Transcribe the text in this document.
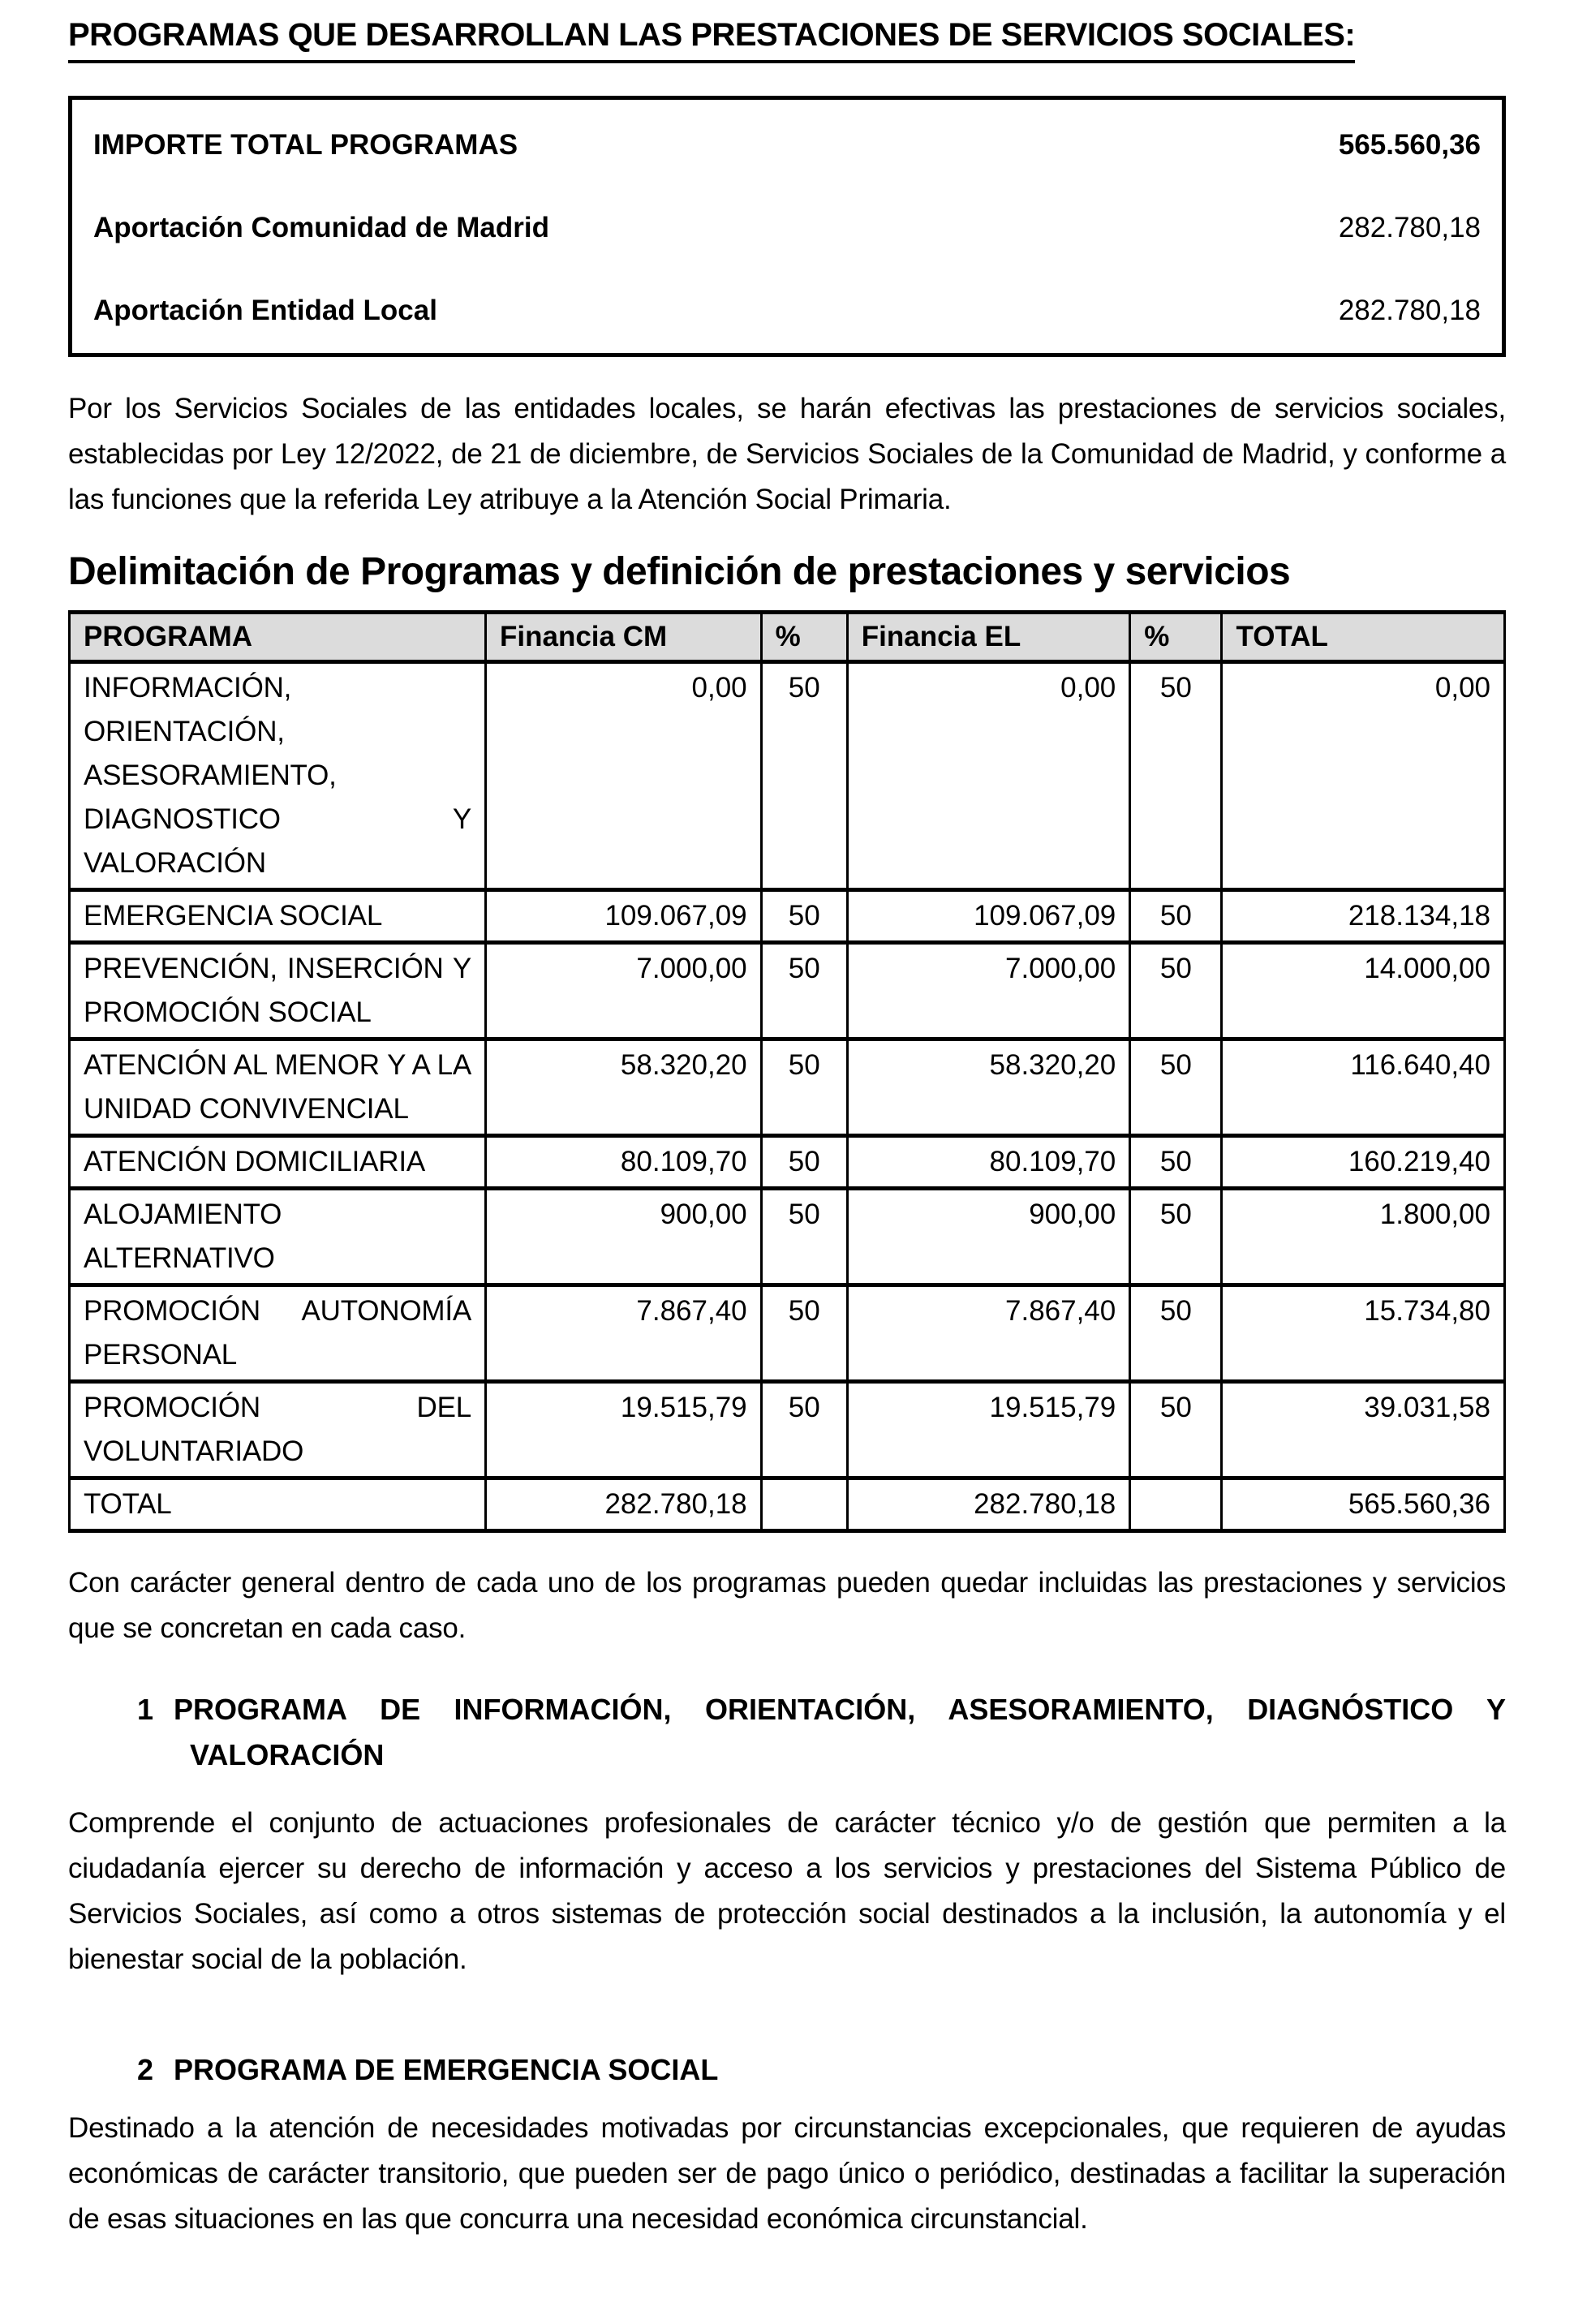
PROGRAMAS QUE DESARROLLAN LAS PRESTACIONES DE SERVICIOS SOCIALES:
IMPORTE TOTAL PROGRAMAS	565.560,36
Aportación Comunidad de Madrid	282.780,18
Aportación Entidad Local	282.780,18

Por los Servicios Sociales de las entidades locales, se harán efectivas las prestaciones de servicios sociales, establecidas por Ley 12/2022, de 21 de diciembre, de Servicios Sociales de la Comunidad de Madrid, y conforme a las funciones que la referida Ley atribuye a la Atención Social Primaria.

Delimitación de Programas y definición de prestaciones y servicios
PROGRAMA	Financia CM	%	Financia EL	%	TOTAL
INFORMACIÓN, ORIENTACIÓN, ASESORAMIENTO, DIAGNOSTICO Y VALORACIÓN	0,00	50	0,00	50	0,00
EMERGENCIA SOCIAL	109.067,09	50	109.067,09	50	218.134,18
PREVENCIÓN, INSERCIÓN Y PROMOCIÓN SOCIAL	7.000,00	50	7.000,00	50	14.000,00
ATENCIÓN AL MENOR Y A LA UNIDAD CONVIVENCIAL	58.320,20	50	58.320,20	50	116.640,40
ATENCIÓN DOMICILIARIA	80.109,70	50	80.109,70	50	160.219,40
ALOJAMIENTO ALTERNATIVO	900,00	50	900,00	50	1.800,00
PROMOCIÓN AUTONOMÍA PERSONAL	7.867,40	50	7.867,40	50	15.734,80
PROMOCIÓN DEL VOLUNTARIADO	19.515,79	50	19.515,79	50	39.031,58
TOTAL	282.780,18		282.780,18		565.560,36

Con carácter general dentro de cada uno de los programas pueden quedar incluidas las prestaciones y servicios que se concretan en cada caso.

1 PROGRAMA DE INFORMACIÓN, ORIENTACIÓN, ASESORAMIENTO, DIAGNÓSTICO Y VALORACIÓN

Comprende el conjunto de actuaciones profesionales de carácter técnico y/o de gestión que permiten a la ciudadanía ejercer su derecho de información y acceso a los servicios y prestaciones del Sistema Público de Servicios Sociales, así como a otros sistemas de protección social destinados a la inclusión, la autonomía y el bienestar social de la población.

2 PROGRAMA DE EMERGENCIA SOCIAL

Destinado a la atención de necesidades motivadas por circunstancias excepcionales, que requieren de ayudas económicas de carácter transitorio, que pueden ser de pago único o periódico, destinadas a facilitar la superación de esas situaciones en las que concurra una necesidad económica circunstancial.
